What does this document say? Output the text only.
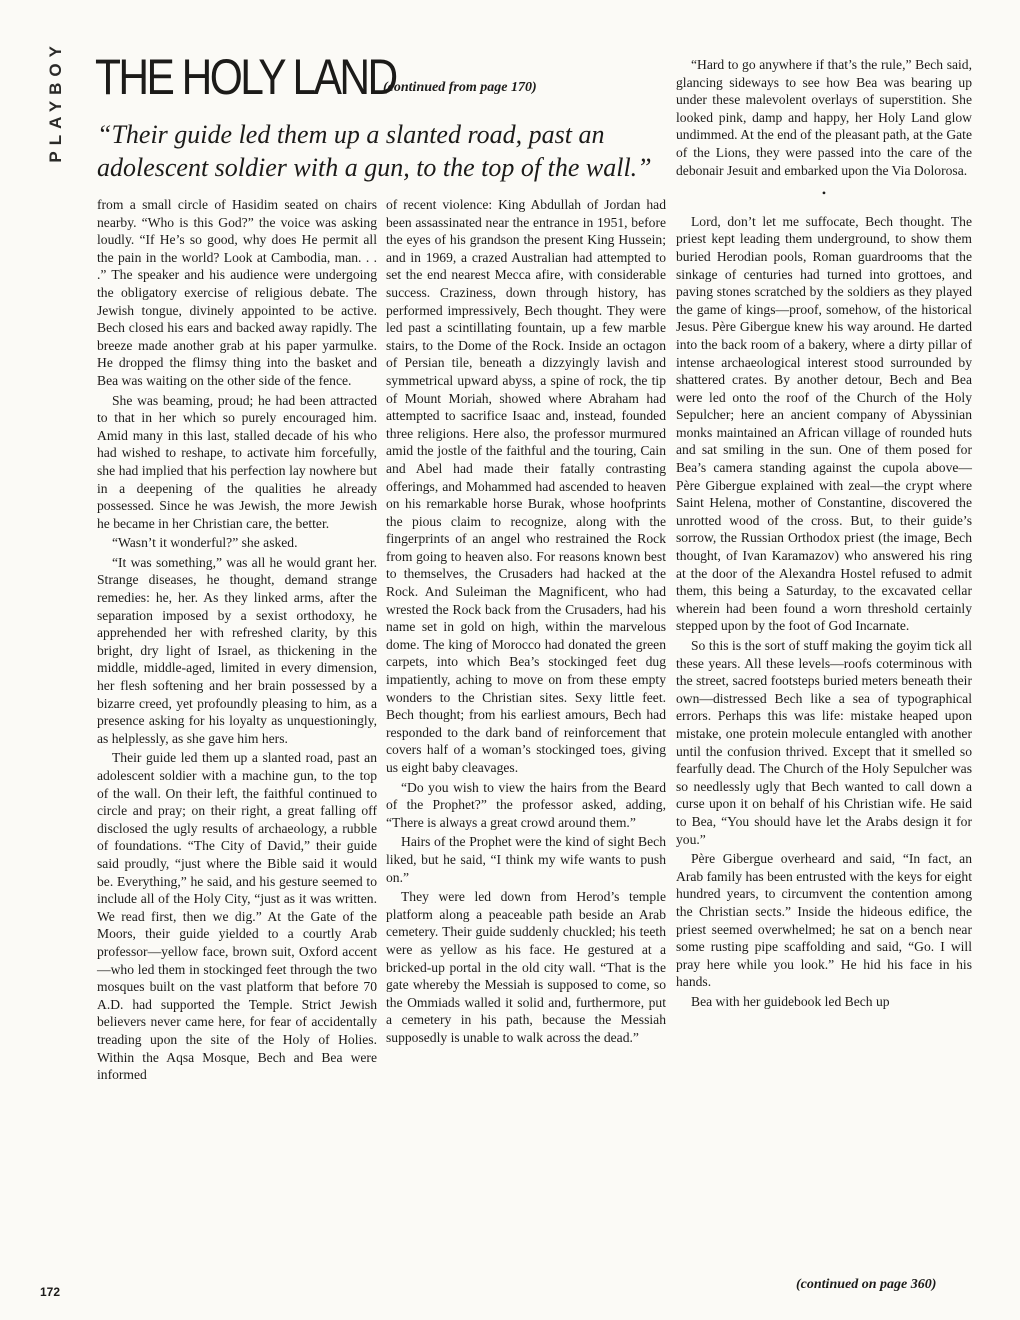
PLAYBOY THE HOLY LAND
(continued from page 170)

“Their guide led them up a slanted road, past an adolescent soldier with a gun, to the top of the wall.”

from a small circle of Hasidim seated on chairs nearby. “Who is this God?” the voice was asking loudly. “If He’s so good, why does He permit all the pain in the world? Look at Cambodia, man. . . .” The speaker and his audience were undergoing the obligatory exercise of religious debate. The Jewish tongue, divinely appointed to be active. Bech closed his ears and backed away rapidly. The breeze made another grab at his paper yarmulke. He dropped the flimsy thing into the basket and Bea was waiting on the other side of the fence.

She was beaming, proud; he had been attracted to that in her which so purely encouraged him. Amid many in this last, stalled decade of his who had wished to reshape, to activate him forcefully, she had implied that his perfection lay nowhere but in a deepening of the qualities he already possessed. Since he was Jewish, the more Jewish he became in her Christian care, the better.

“Wasn’t it wonderful?” she asked.

“It was something,” was all he would grant her. Strange diseases, he thought, demand strange remedies: he, her. As they linked arms, after the separation imposed by a sexist orthodoxy, he apprehended her with refreshed clarity, by this bright, dry light of Israel, as thickening in the middle, middle-aged, limited in every dimension, her flesh softening and her brain possessed by a bizarre creed, yet profoundly pleasing to him, as a presence asking for his loyalty as unquestioningly, as helplessly, as she gave him hers.

Their guide led them up a slanted road, past an adolescent soldier with a machine gun, to the top of the wall. On their left, the faithful continued to circle and pray; on their right, a great falling off disclosed the ugly results of archaeology, a rubble of foundations. “The City of David,” their guide said proudly, “just where the Bible said it would be. Everything,” he said, and his gesture seemed to include all of the Holy City, “just as it was written. We read first, then we dig.” At the Gate of the Moors, their guide yielded to a courtly Arab professor—yellow face, brown suit, Oxford accent—who led them in stockinged feet through the two mosques built on the vast platform that before 70 A.D. had supported the Temple. Strict Jewish believers never came here, for fear of accidentally treading upon the site of the Holy of Holies. Within the Aqsa Mosque, Bech and Bea were informed

of recent violence: King Abdullah of Jordan had been assassinated near the entrance in 1951, before the eyes of his grandson the present King Hussein; and in 1969, a crazed Australian had attempted to set the end nearest Mecca afire, with considerable success. Craziness, down through history, has performed impressively, Bech thought. They were led past a scintillating fountain, up a few marble stairs, to the Dome of the Rock. Inside an octagon of Persian tile, beneath a dizzyingly lavish and symmetrical upward abyss, a spine of rock, the tip of Mount Moriah, showed where Abraham had attempted to sacrifice Isaac and, instead, founded three religions. Here also, the professor murmured amid the jostle of the faithful and the touring, Cain and Abel had made their fatally contrasting offerings, and Mohammed had ascended to heaven on his remarkable horse Burak, whose hoofprints the pious claim to recognize, along with the fingerprints of an angel who restrained the Rock from going to heaven also. For reasons known best to themselves, the Crusaders had hacked at the Rock. And Suleiman the Magnificent, who had wrested the Rock back from the Crusaders, had his name set in gold on high, within the marvelous dome. The king of Morocco had donated the green carpets, into which Bea’s stockinged feet dug impatiently, aching to move on from these empty wonders to the Christian sites. Sexy little feet. Bech thought; from his earliest amours, Bech had responded to the dark band of reinforcement that covers half of a woman’s stockinged toes, giving us eight baby cleavages.

“Do you wish to view the hairs from the Beard of the Prophet?” the professor asked, adding, “There is always a great crowd around them.”

Hairs of the Prophet were the kind of sight Bech liked, but he said, “I think my wife wants to push on.”

They were led down from Herod’s temple platform along a peaceable path beside an Arab cemetery. Their guide suddenly chuckled; his teeth were as yellow as his face. He gestured at a bricked-up portal in the old city wall. “That is the gate whereby the Messiah is supposed to come, so the Ommiads walled it solid and, furthermore, put a cemetery in his path, because the Messiah supposedly is unable to walk across the dead.”

“Hard to go anywhere if that’s the rule,” Bech said, glancing sideways to see how Bea was bearing up under these malevolent overlays of superstition. She looked pink, damp and happy, her Holy Land glow undimmed. At the end of the pleasant path, at the Gate of the Lions, they were passed into the care of the debonair Jesuit and embarked upon the Via Dolorosa.

•

Lord, don’t let me suffocate, Bech thought. The priest kept leading them underground, to show them buried Herodian pools, Roman guardrooms that the sinkage of centuries had turned into grottoes, and paving stones scratched by the soldiers as they played the game of kings—proof, somehow, of the historical Jesus. Père Gibergue knew his way around. He darted into the back room of a bakery, where a dirty pillar of intense archaeological interest stood surrounded by shattered crates. By another detour, Bech and Bea were led onto the roof of the Church of the Holy Sepulcher; here an ancient company of Abyssinian monks maintained an African village of rounded huts and sat smiling in the sun. One of them posed for Bea’s camera standing against the cupola above—Père Gibergue explained with zeal—the crypt where Saint Helena, mother of Constantine, discovered the unrotted wood of the cross. But, to their guide’s sorrow, the Russian Orthodox priest (the image, Bech thought, of Ivan Karamazov) who answered his ring at the door of the Alexandra Hostel refused to admit them, this being a Saturday, to the excavated cellar wherein had been found a worn threshold certainly stepped upon by the foot of God Incarnate.

So this is the sort of stuff making the goyim tick all these years. All these levels—roofs coterminous with the street, sacred footsteps buried meters beneath their own—distressed Bech like a sea of typographical errors. Perhaps this was life: mistake heaped upon mistake, one protein molecule entangled with another until the confusion thrived. Except that it smelled so fearfully dead. The Church of the Holy Sepulcher was so needlessly ugly that Bech wanted to call down a curse upon it on behalf of his Christian wife. He said to Bea, “You should have let the Arabs design it for you.”

Père Gibergue overheard and said, “In fact, an Arab family has been entrusted with the keys for eight hundred years, to circumvent the contention among the Christian sects.” Inside the hideous edifice, the priest seemed overwhelmed; he sat on a bench near some rusting pipe scaffolding and said, “Go. I will pray here while you look.” He hid his face in his hands.

Bea with her guidebook led Bech up

(continued on page 360)
172
